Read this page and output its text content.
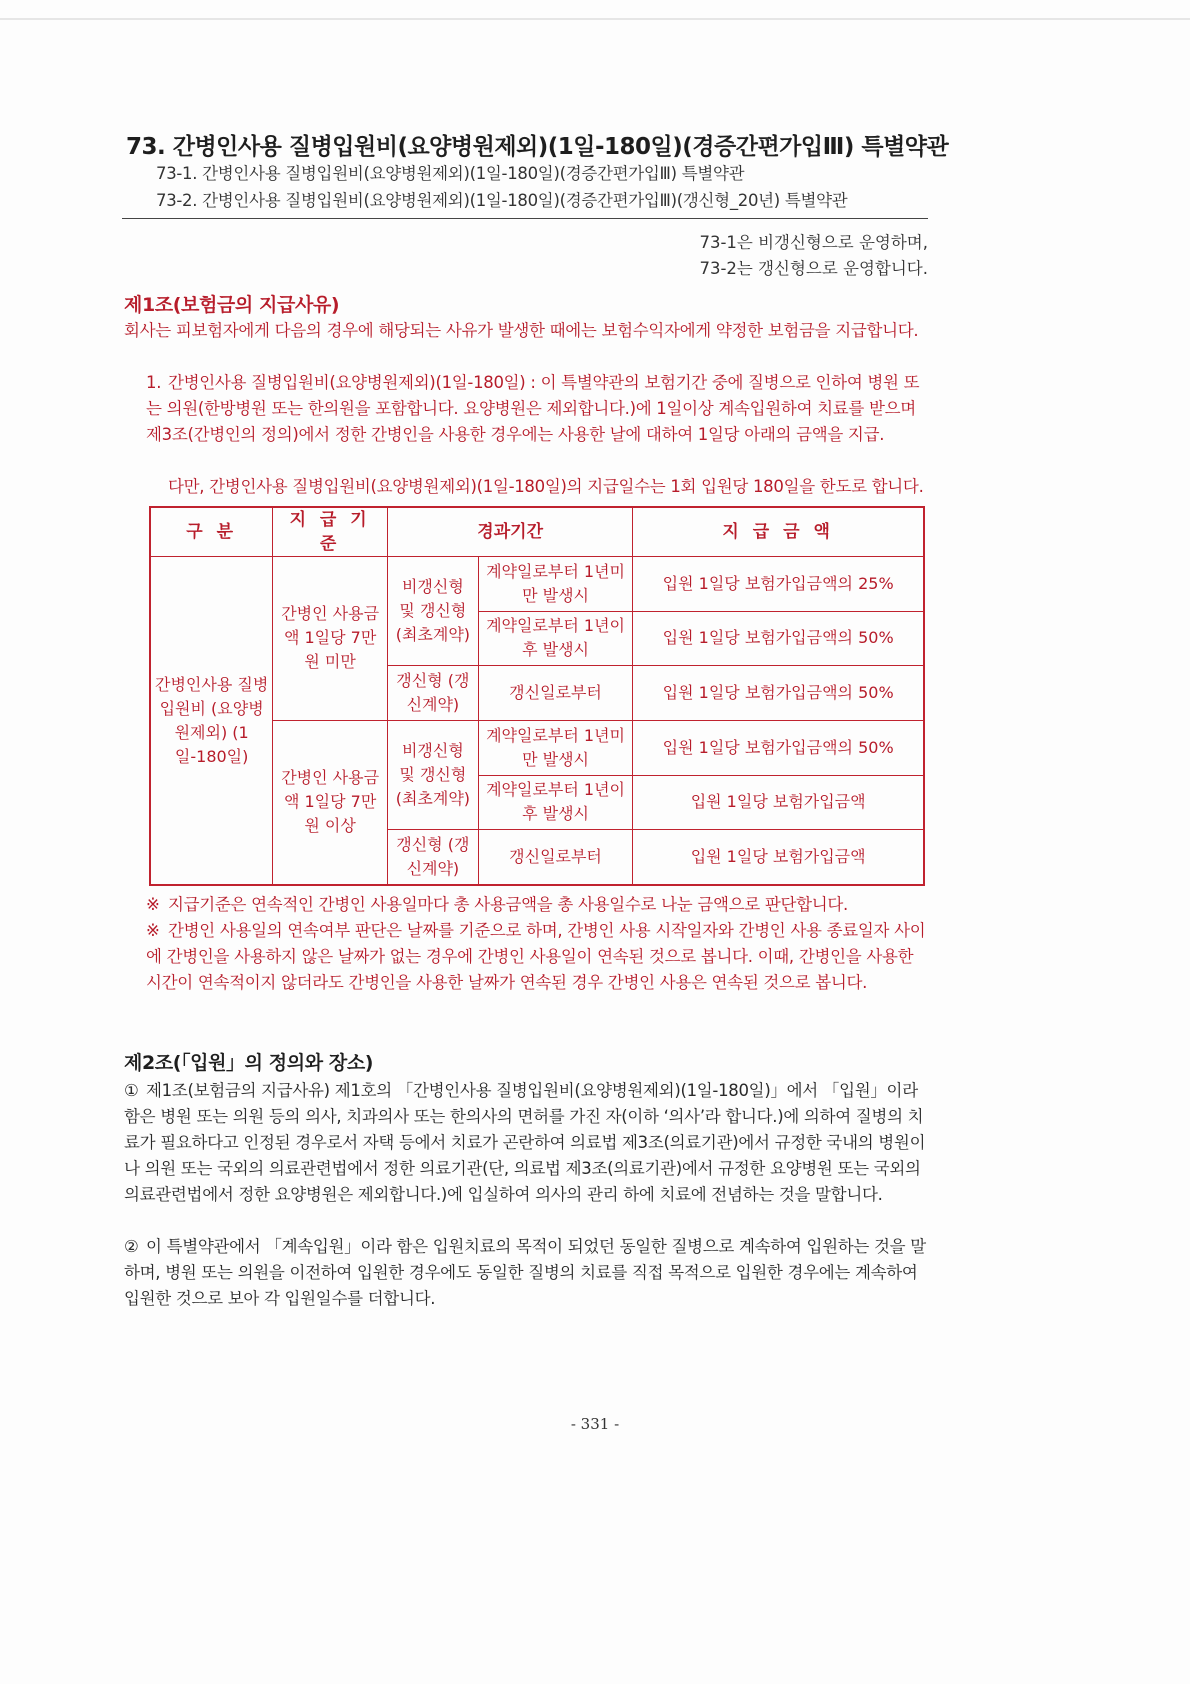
73. 간병인사용 질병입원비(요양병원제외)(1일-180일)(경증간편가입Ⅲ) 특별약관
73-1. 간병인사용 질병입원비(요양병원제외)(1일-180일)(경증간편가입Ⅲ) 특별약관
73-2. 간병인사용 질병입원비(요양병원제외)(1일-180일)(경증간편가입Ⅲ)(갱신형_20년) 특별약관
73-1은 비갱신형으로 운영하며,
73-2는 갱신형으로 운영합니다.
제1조(보험금의 지급사유)
회사는 피보험자에게 다음의 경우에 해당되는 사유가 발생한 때에는 보험수익자에게 약정한 보험금을 지급합니다.
1. 간병인사용 질병입원비(요양병원제외)(1일-180일) : 이 특별약관의 보험기간 중에 질병으로 인하여 병원 또는 의원(한방병원 또는 한의원을 포함합니다. 요양병원은 제외합니다.)에 1일이상 계속입원하여 치료를 받으며 제3조(간병인의 정의)에서 정한 간병인을 사용한 경우에는 사용한 날에 대하여 1일당 아래의 금액을 지급.
다만, 간병인사용 질병입원비(요양병원제외)(1일-180일)의 지급일수는 1회 입원당 180일을 한도로 합니다.
구 분	지 급 기 준	경과기간		지 급 금 액
간병인사용 질병입원비 (요양병원제외) (1일-180일)	간병인 사용금액 1일당 7만원 미만	비갱신형 및 갱신형 (최초계약)	계약일로부터 1년미만 발생시	입원 1일당 보험가입금액의 25%
			계약일로부터 1년이후 발생시	입원 1일당 보험가입금액의 50%
		갱신형 (갱신계약)	갱신일로부터	입원 1일당 보험가입금액의 50%
	간병인 사용금액 1일당 7만원 이상	비갱신형 및 갱신형 (최초계약)	계약일로부터 1년미만 발생시	입원 1일당 보험가입금액의 50%
			계약일로부터 1년이후 발생시	입원 1일당 보험가입금액
		갱신형 (갱신계약)	갱신일로부터	입원 1일당 보험가입금액
※ 지급기준은 연속적인 간병인 사용일마다 총 사용금액을 총 사용일수로 나눈 금액으로 판단합니다.
※ 간병인 사용일의 연속여부 판단은 날짜를 기준으로 하며, 간병인 사용 시작일자와 간병인 사용 종료일자 사이에 간병인을 사용하지 않은 날짜가 없는 경우에 간병인 사용일이 연속된 것으로 봅니다. 이때, 간병인을 사용한 시간이 연속적이지 않더라도 간병인을 사용한 날짜가 연속된 경우 간병인 사용은 연속된 것으로 봅니다.
제2조(「입원」의 정의와 장소)
① 제1조(보험금의 지급사유) 제1호의 「간병인사용 질병입원비(요양병원제외)(1일-180일)」에서 「입원」이라 함은 병원 또는 의원 등의 의사, 치과의사 또는 한의사의 면허를 가진 자(이하 ‘의사’라 합니다.)에 의하여 질병의 치료가 필요하다고 인정된 경우로서 자택 등에서 치료가 곤란하여 의료법 제3조(의료기관)에서 규정한 국내의 병원이나 의원 또는 국외의 의료관련법에서 정한 의료기관(단, 의료법 제3조(의료기관)에서 규정한 요양병원 또는 국외의 의료관련법에서 정한 요양병원은 제외합니다.)에 입실하여 의사의 관리 하에 치료에 전념하는 것을 말합니다.
② 이 특별약관에서 「계속입원」이라 함은 입원치료의 목적이 되었던 동일한 질병으로 계속하여 입원하는 것을 말하며, 병원 또는 의원을 이전하여 입원한 경우에도 동일한 질병의 치료를 직접 목적으로 입원한 경우에는 계속하여 입원한 것으로 보아 각 입원일수를 더합니다.
- 331 -
